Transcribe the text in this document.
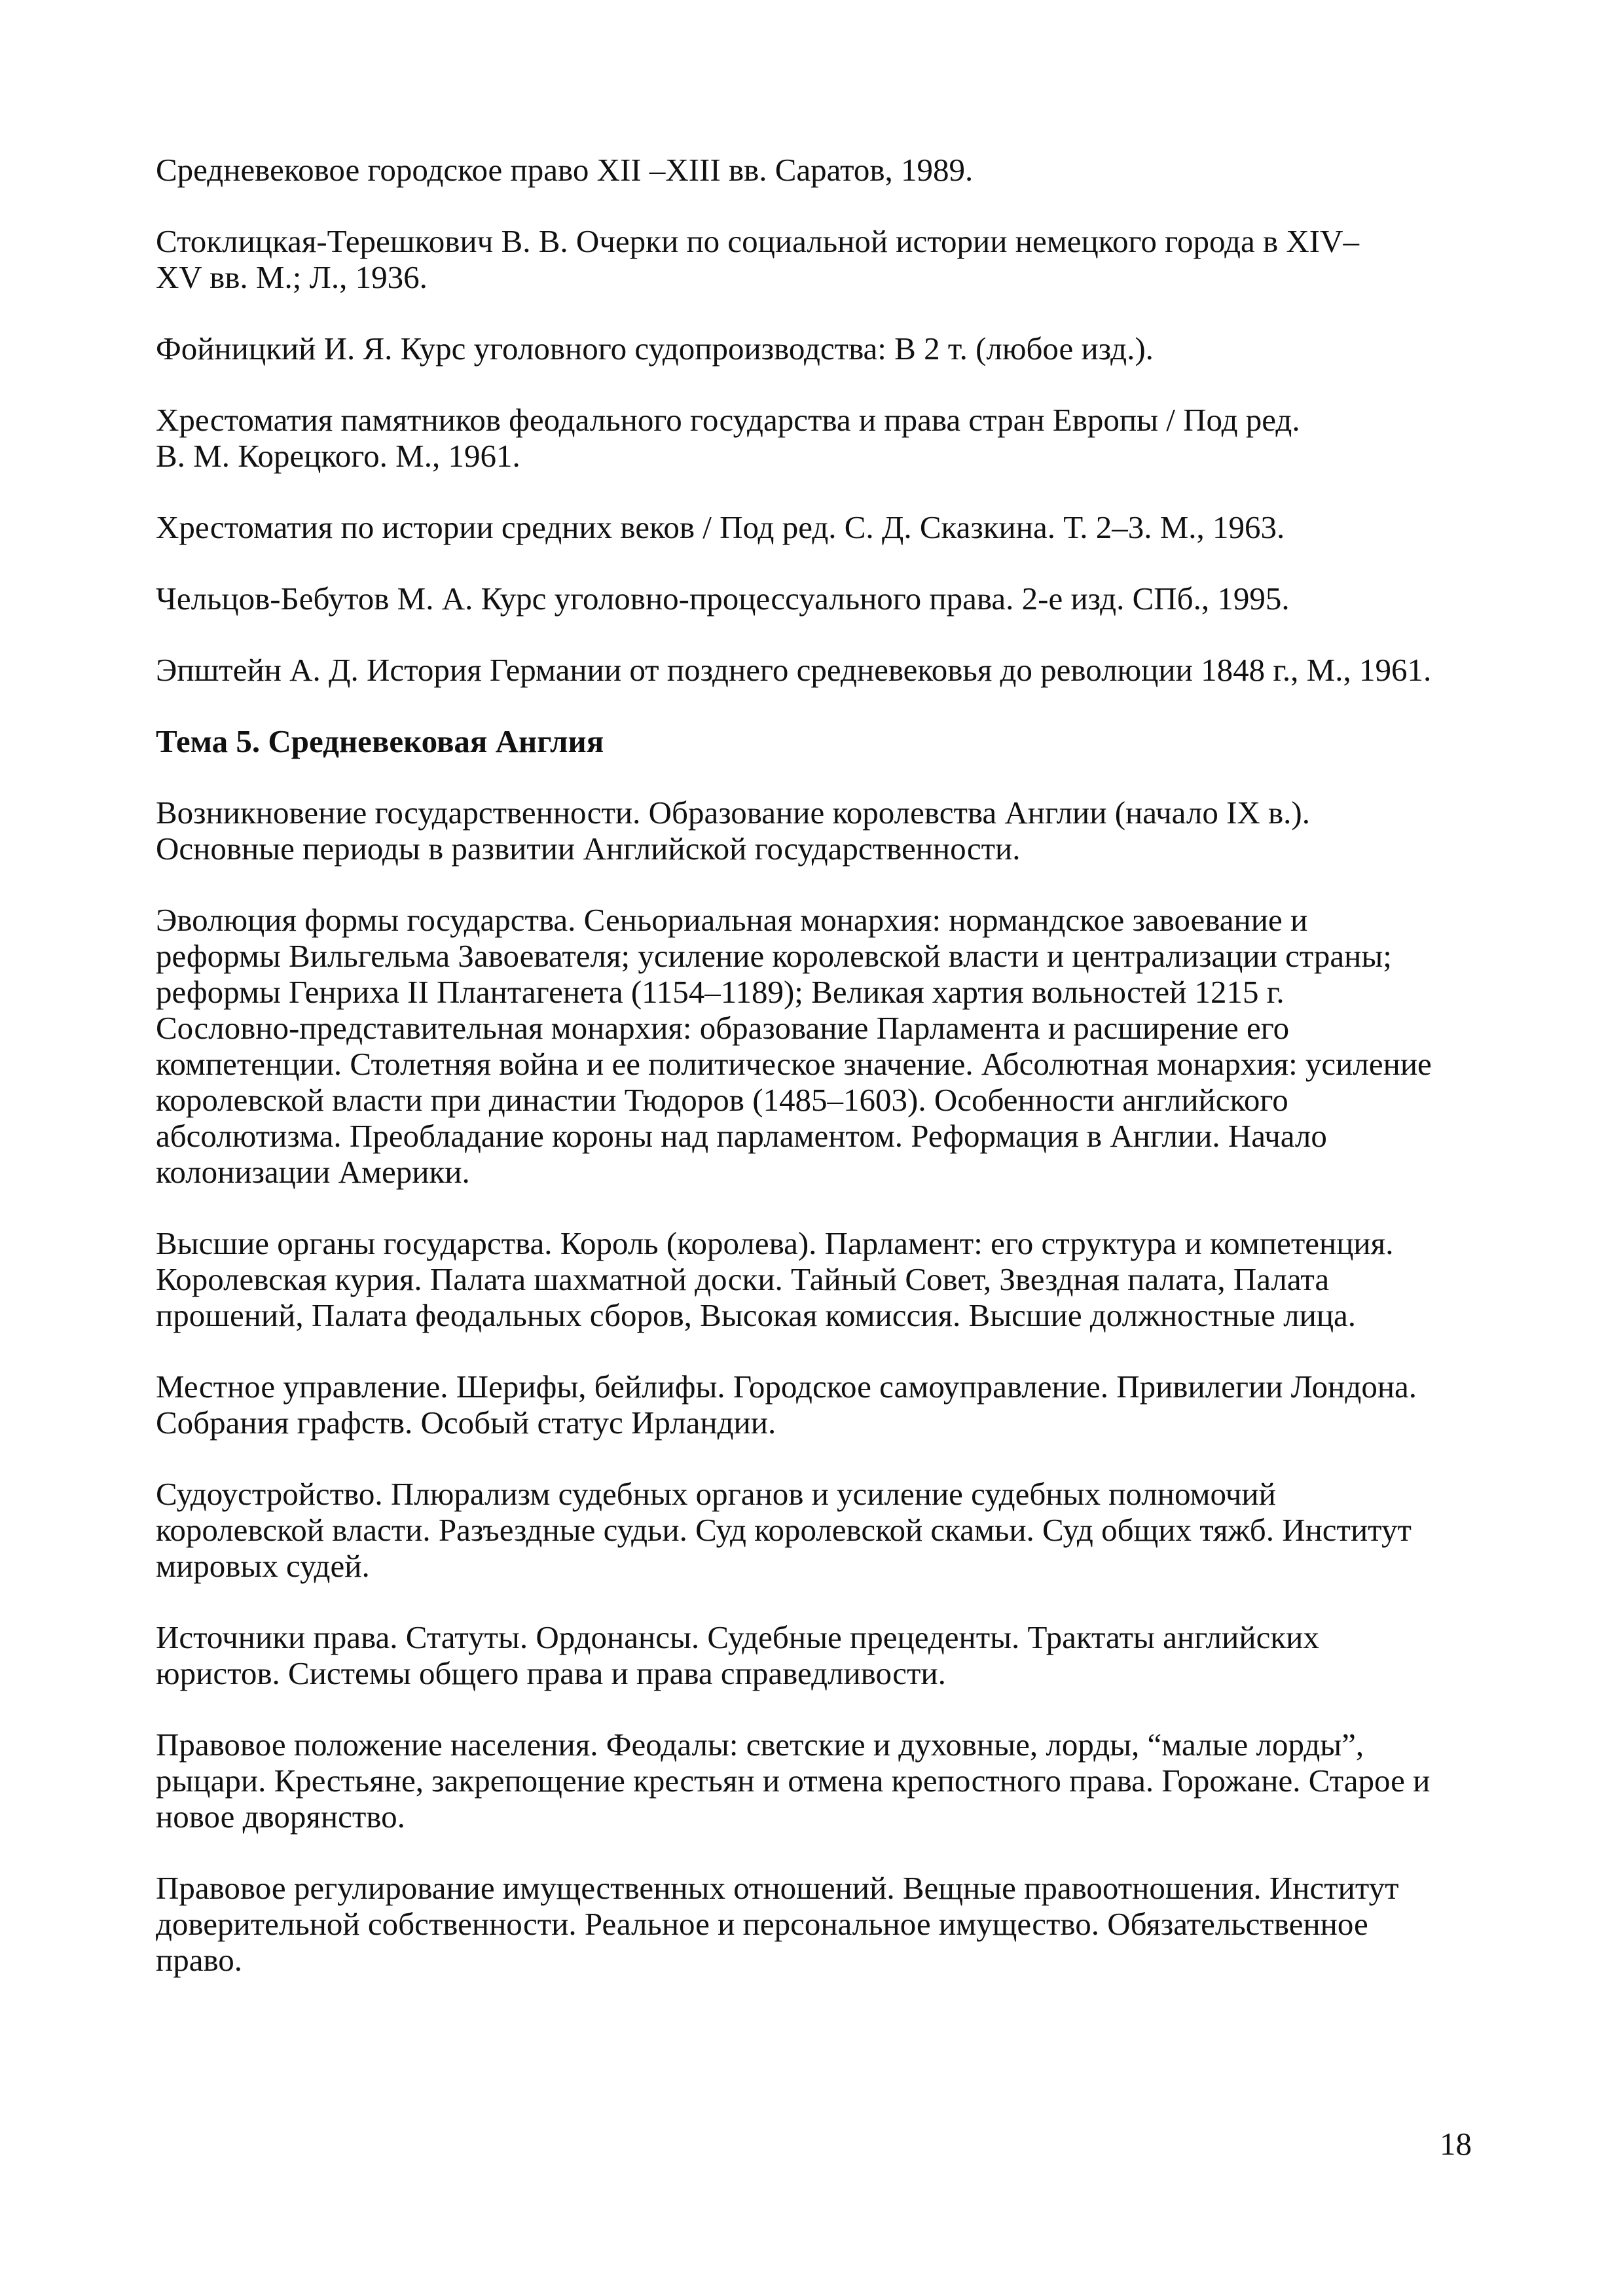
Средневековое городское право XII –XIII вв. Саратов, 1989.

Стоклицкая-Терешкович В. В. Очерки по социальной истории немецкого города в XIV–
XV вв. М.; Л., 1936.

Фойницкий И. Я. Курс уголовного судопроизводства: В 2 т. (любое изд.).

Хрестоматия памятников феодального государства и права стран Европы / Под ред.
В. М. Корецкого. М., 1961.

Хрестоматия по истории средних веков / Под ред. С. Д. Сказкина. Т. 2–3. М., 1963.

Чельцов-Бебутов М. А. Курс уголовно-процессуального права. 2-е изд. СПб., 1995.

Эпштейн А. Д. История Германии от позднего средневековья до революции 1848 г., М., 1961.

Тема 5. Средневековая Англия

Возникновение государственности. Образование королевства Англии (начало IX в.).
Основные периоды в развитии Английской государственности.

Эволюция формы государства. Сеньориальная монархия: нормандское завоевание и
реформы Вильгельма Завоевателя; усиление королевской власти и централизации страны;
реформы Генриха II Плантагенета (1154–1189); Великая хартия вольностей 1215 г.
Сословно-представительная монархия: образование Парламента и расширение его
компетенции. Столетняя война и ее политическое значение. Абсолютная монархия: усиление
королевской власти при династии Тюдоров (1485–1603). Особенности английского
абсолютизма. Преобладание короны над парламентом. Реформация в Англии. Начало
колонизации Америки.

Высшие органы государства. Король (королева). Парламент: его структура и компетенция.
Королевская курия. Палата шахматной доски. Тайный Совет, Звездная палата, Палата
прошений, Палата феодальных сборов, Высокая комиссия. Высшие должностные лица.

Местное управление. Шерифы, бейлифы. Городское самоуправление. Привилегии Лондона.
Собрания графств. Особый статус Ирландии.

Судоустройство. Плюрализм судебных органов и усиление судебных полномочий
королевской власти. Разъездные судьи. Суд королевской скамьи. Суд общих тяжб. Институт
мировых судей.

Источники права. Статуты. Ордонансы. Судебные прецеденты. Трактаты английских
юристов. Системы общего права и права справедливости.

Правовое положение населения. Феодалы: светские и духовные, лорды, “малые лорды”,
рыцари. Крестьяне, закрепощение крестьян и отмена крепостного права. Горожане. Старое и
новое дворянство.

Правовое регулирование имущественных отношений. Вещные правоотношения. Институт
доверительной собственности. Реальное и персональное имущество. Обязательственное
право.

18
